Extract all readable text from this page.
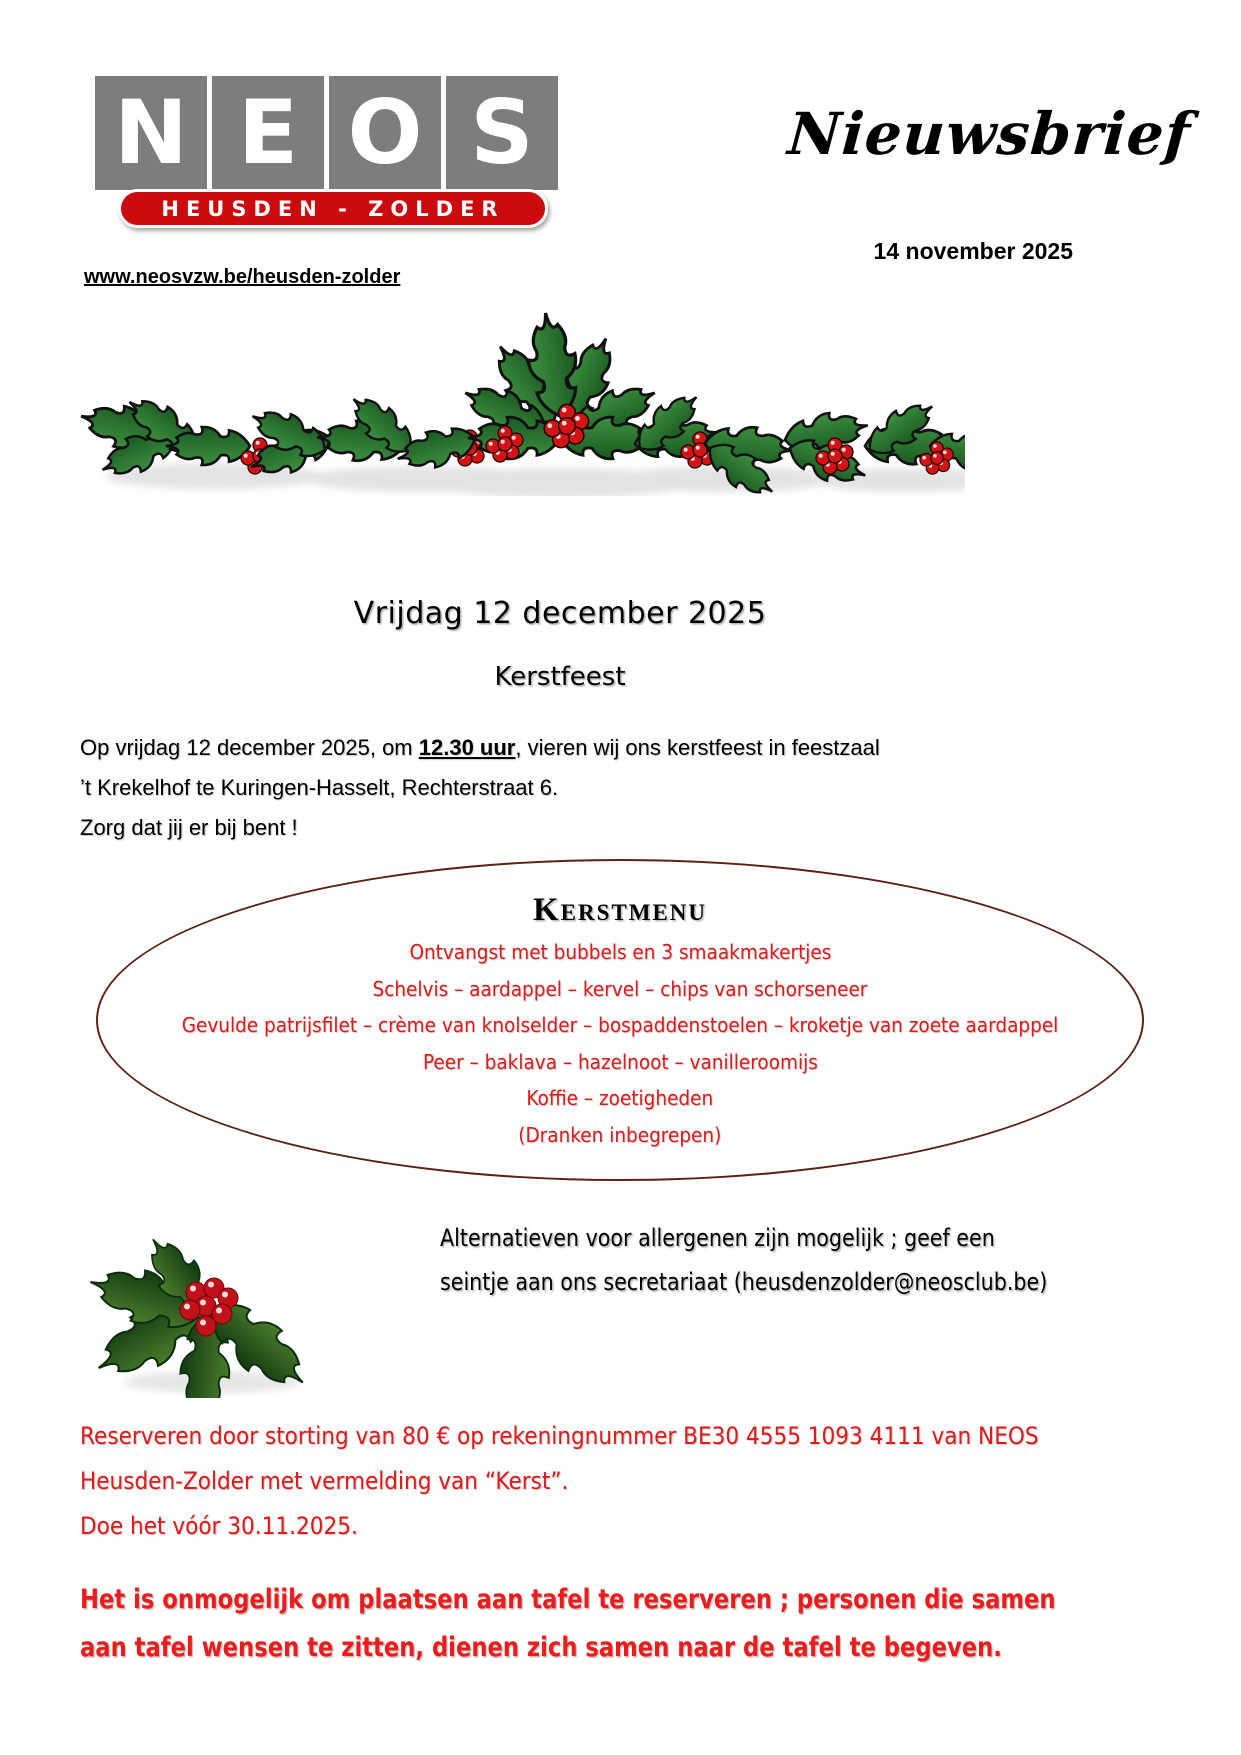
N E O S
HEUSDEN - ZOLDER
Nieuwsbrief
14 november 2025
www.neosvzw.be/heusden-zolder
Vrijdag 12 december 2025
Kerstfeest
Op vrijdag 12 december 2025, om 12.30 uur, vieren wij ons kerstfeest in feestzaal
’t Krekelhof te Kuringen-Hasselt, Rechterstraat 6.
Zorg dat jij er bij bent !
Kerstmenu
Ontvangst met bubbels en 3 smaakmakertjes
Schelvis – aardappel – kervel – chips van schorseneer
Gevulde patrijsfilet – crème van knolselder – bospaddenstoelen – kroketje van zoete aardappel
Peer – baklava – hazelnoot – vanilleroomijs
Koffie – zoetigheden
(Dranken inbegrepen)
Alternatieven voor allergenen zijn mogelijk ; geef een
seintje aan ons secretariaat (heusdenzolder@neosclub.be)
Reserveren door storting van 80 € op rekeningnummer BE30 4555 1093 4111 van NEOS
Heusden-Zolder met vermelding van “Kerst”.
Doe het vóór 30.11.2025.
Het is onmogelijk om plaatsen aan tafel te reserveren ; personen die samen
aan tafel wensen te zitten, dienen zich samen naar de tafel te begeven.
